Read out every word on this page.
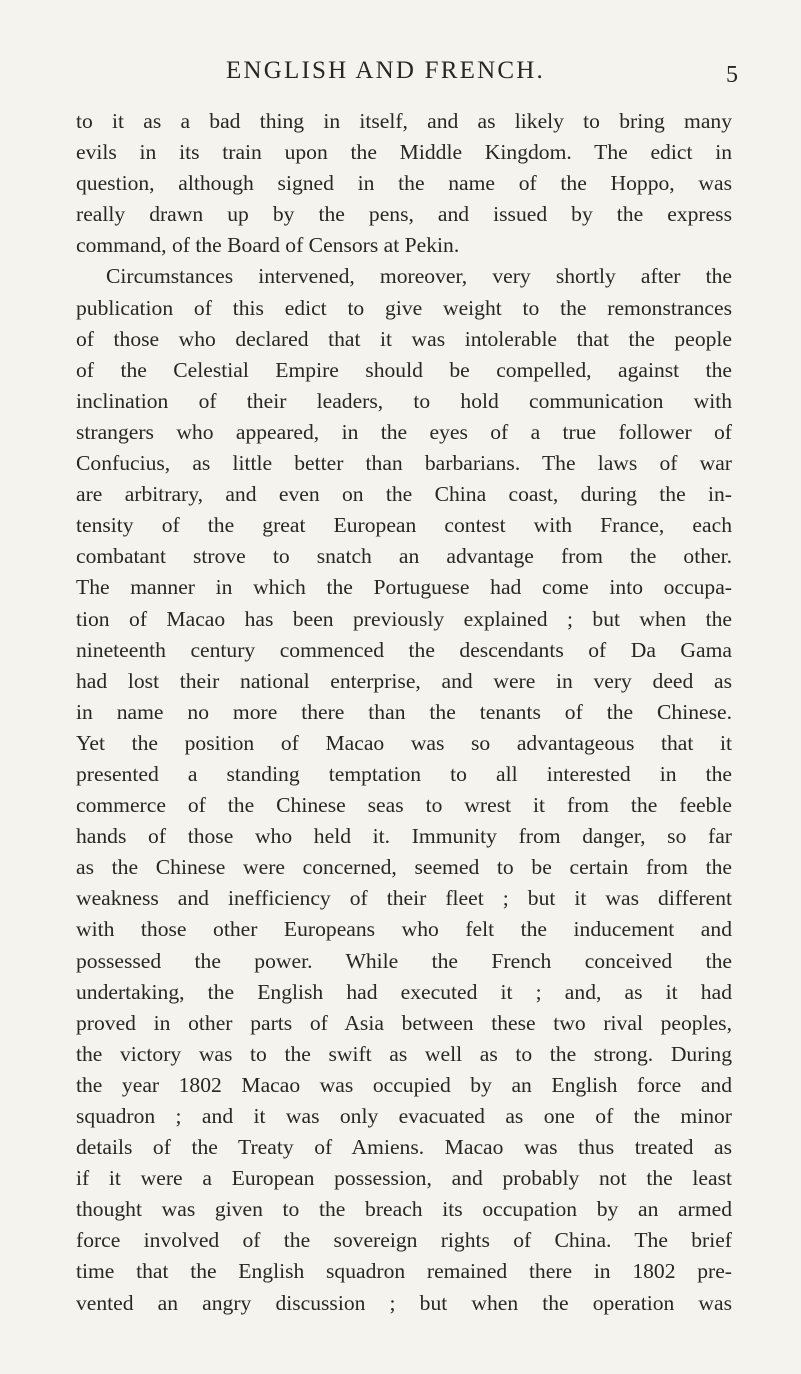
ENGLISH AND FRENCH.	5
to it as a bad thing in itself, and as likely to bring many
evils in its train upon the Middle Kingdom. The edict in
question, although signed in the name of the Hoppo, was
really drawn up by the pens, and issued by the express
command, of the Board of Censors at Pekin.
Circumstances intervened, moreover, very shortly after the
publication of this edict to give weight to the remonstrances
of those who declared that it was intolerable that the people
of the Celestial Empire should be compelled, against the
inclination of their leaders, to hold communication with
strangers who appeared, in the eyes of a true follower of
Confucius, as little better than barbarians. The laws of war
are arbitrary, and even on the China coast, during the in-
tensity of the great European contest with France, each
combatant strove to snatch an advantage from the other.
The manner in which the Portuguese had come into occupa-
tion of Macao has been previously explained ; but when the
nineteenth century commenced the descendants of Da Gama
had lost their national enterprise, and were in very deed as
in name no more there than the tenants of the Chinese.
Yet the position of Macao was so advantageous that it
presented a standing temptation to all interested in the
commerce of the Chinese seas to wrest it from the feeble
hands of those who held it. Immunity from danger, so far
as the Chinese were concerned, seemed to be certain from the
weakness and inefficiency of their fleet ; but it was different
with those other Europeans who felt the inducement and
possessed the power. While the French conceived the
undertaking, the English had executed it ; and, as it had
proved in other parts of Asia between these two rival peoples,
the victory was to the swift as well as to the strong. During
the year 1802 Macao was occupied by an English force and
squadron ; and it was only evacuated as one of the minor
details of the Treaty of Amiens. Macao was thus treated as
if it were a European possession, and probably not the least
thought was given to the breach its occupation by an armed
force involved of the sovereign rights of China. The brief
time that the English squadron remained there in 1802 pre-
vented an angry discussion ; but when the operation was
